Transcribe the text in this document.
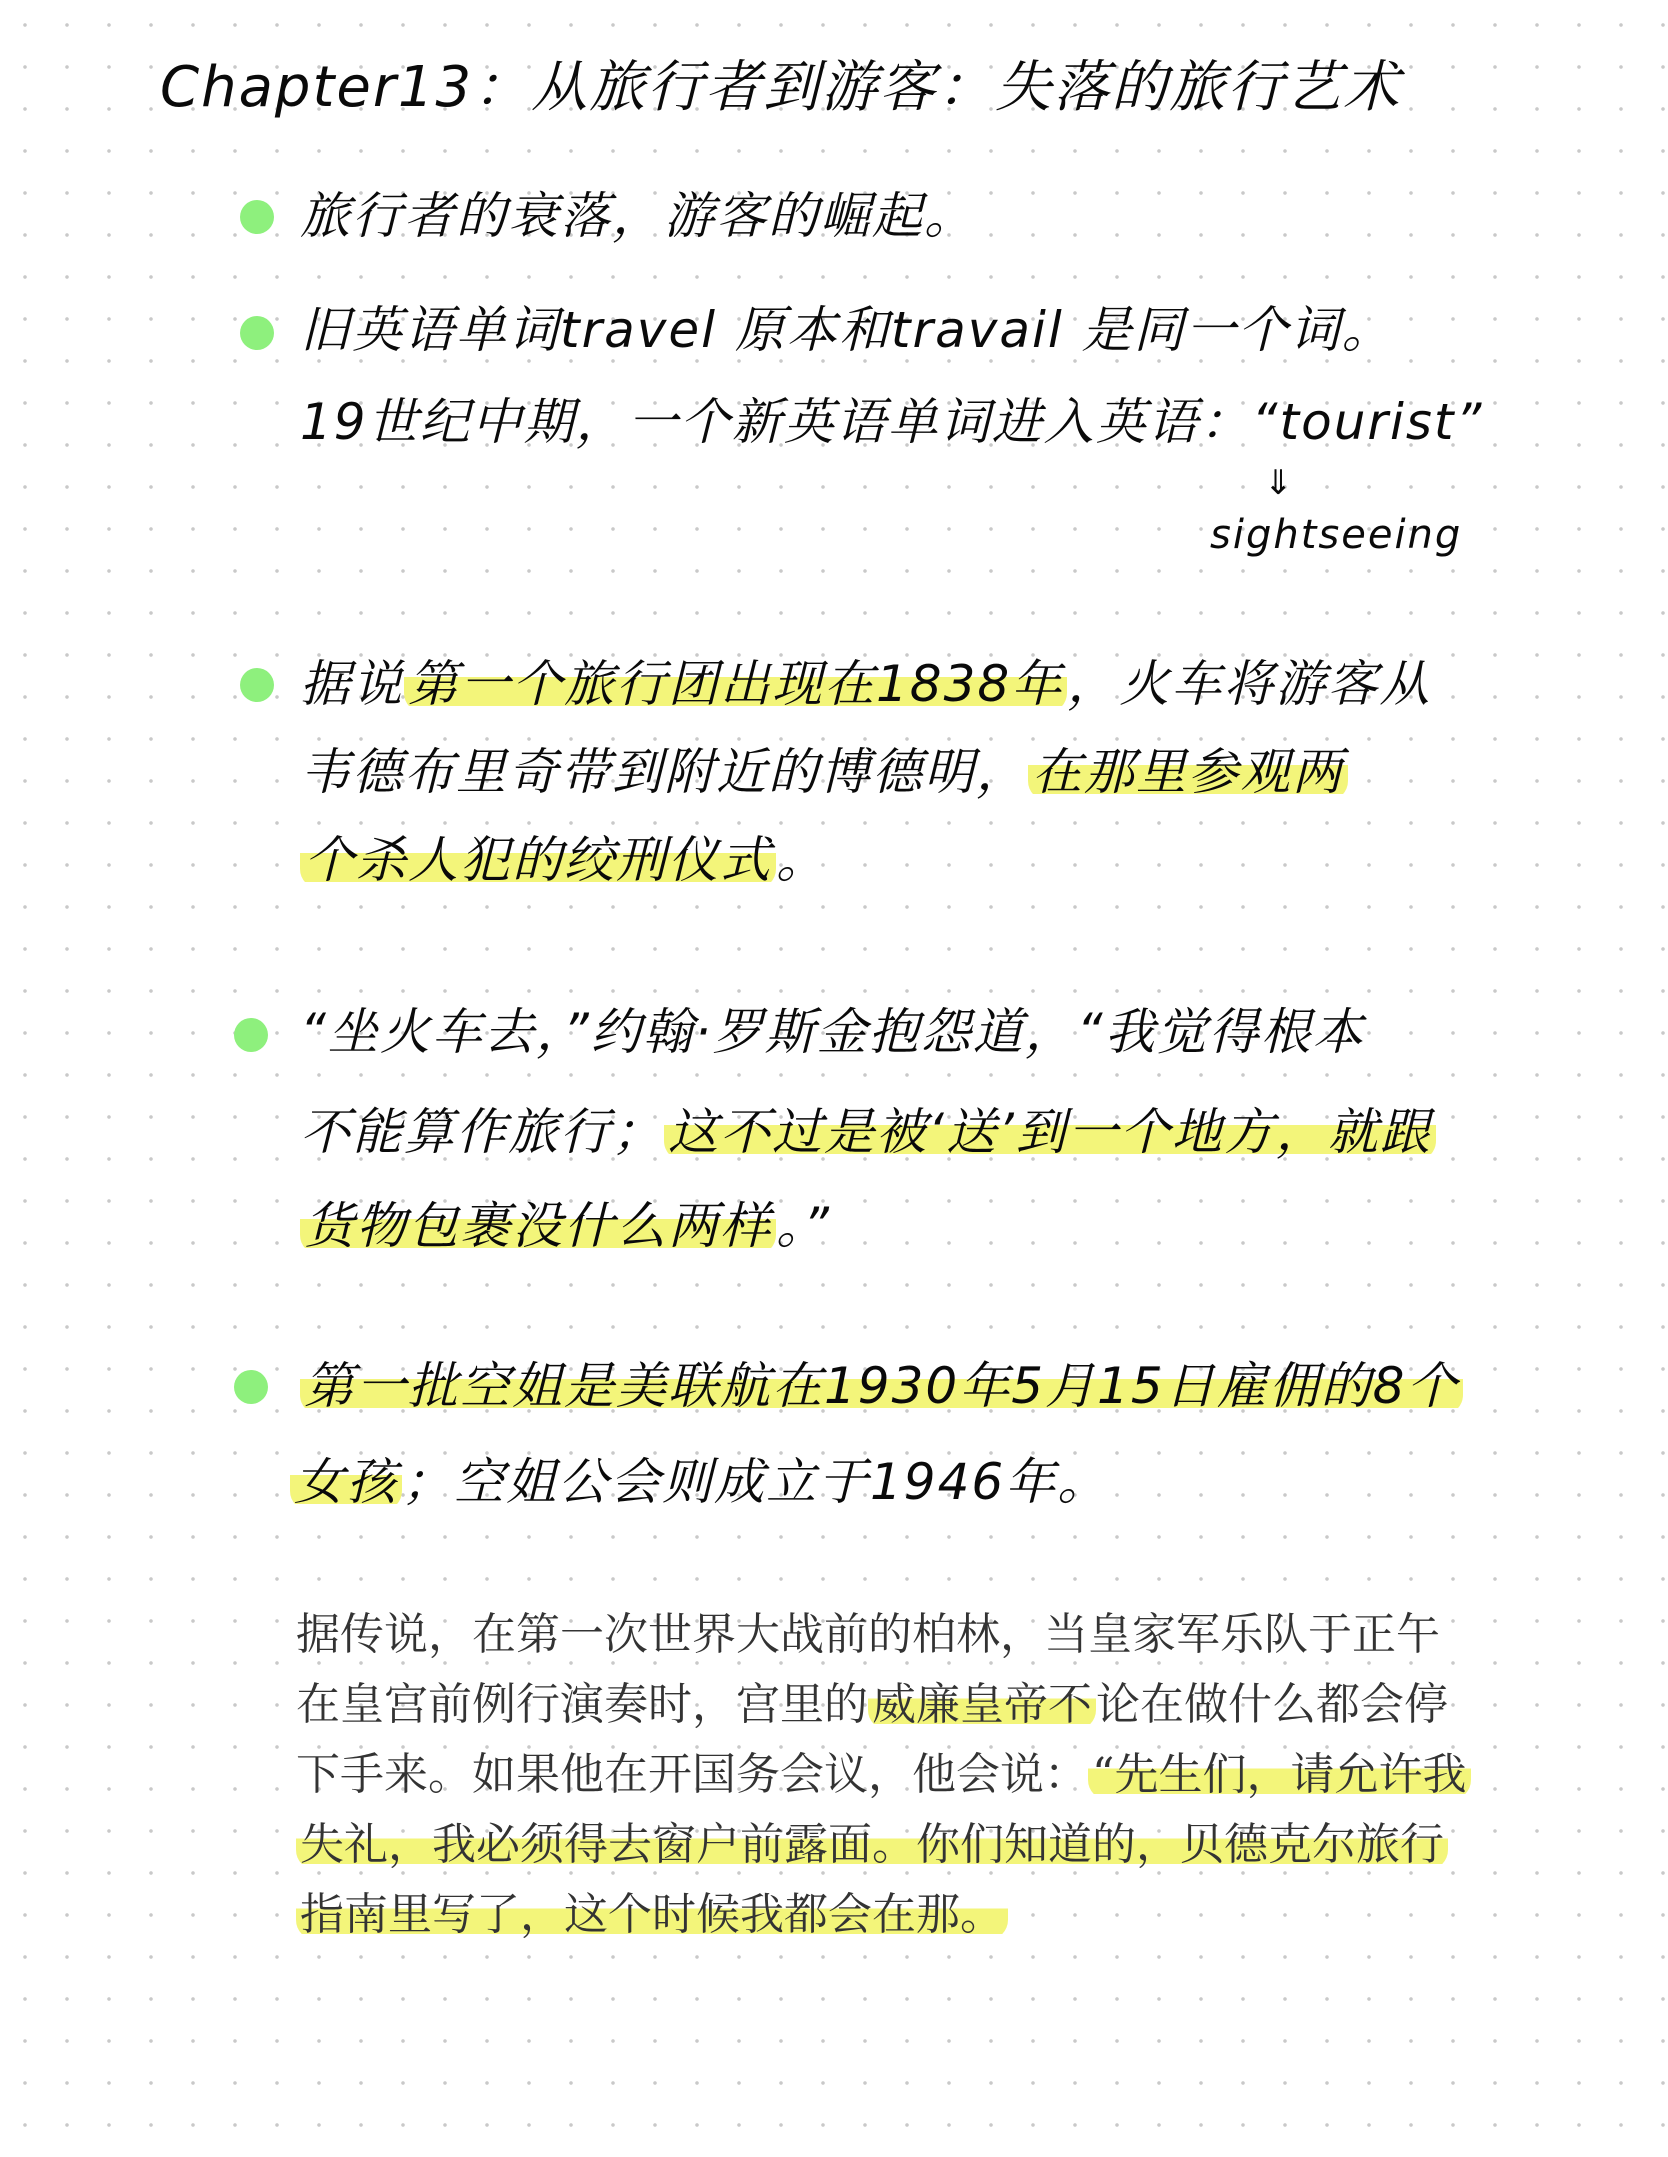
Chapter13：从旅行者到游客：失落的旅行艺术
旅行者的衰落，游客的崛起。
旧英语单词travel 原本和travail 是同一个词。
19世纪中期，一个新英语单词进入英语：“tourist”
⇓
sightseeing
据说第一个旅行团出现在1838年，火车将游客从
韦德布里奇带到附近的博德明，在那里参观两
个杀人犯的绞刑仪式。
“坐火车去，”约翰·罗斯金抱怨道，“我觉得根本
不能算作旅行；这不过是被‘送’到一个地方，就跟
货物包裹没什么两样。”
第一批空姐是美联航在1930年5月15日雇佣的8个
女孩；空姐公会则成立于1946年。
据传说，在第一次世界大战前的柏林，当皇家军乐队于正午
在皇宫前例行演奏时，宫里的威廉皇帝不论在做什么都会停
下手来。如果他在开国务会议，他会说：“先生们，请允许我
失礼，我必须得去窗户前露面。你们知道的，贝德克尔旅行
指南里写了，这个时候我都会在那。
